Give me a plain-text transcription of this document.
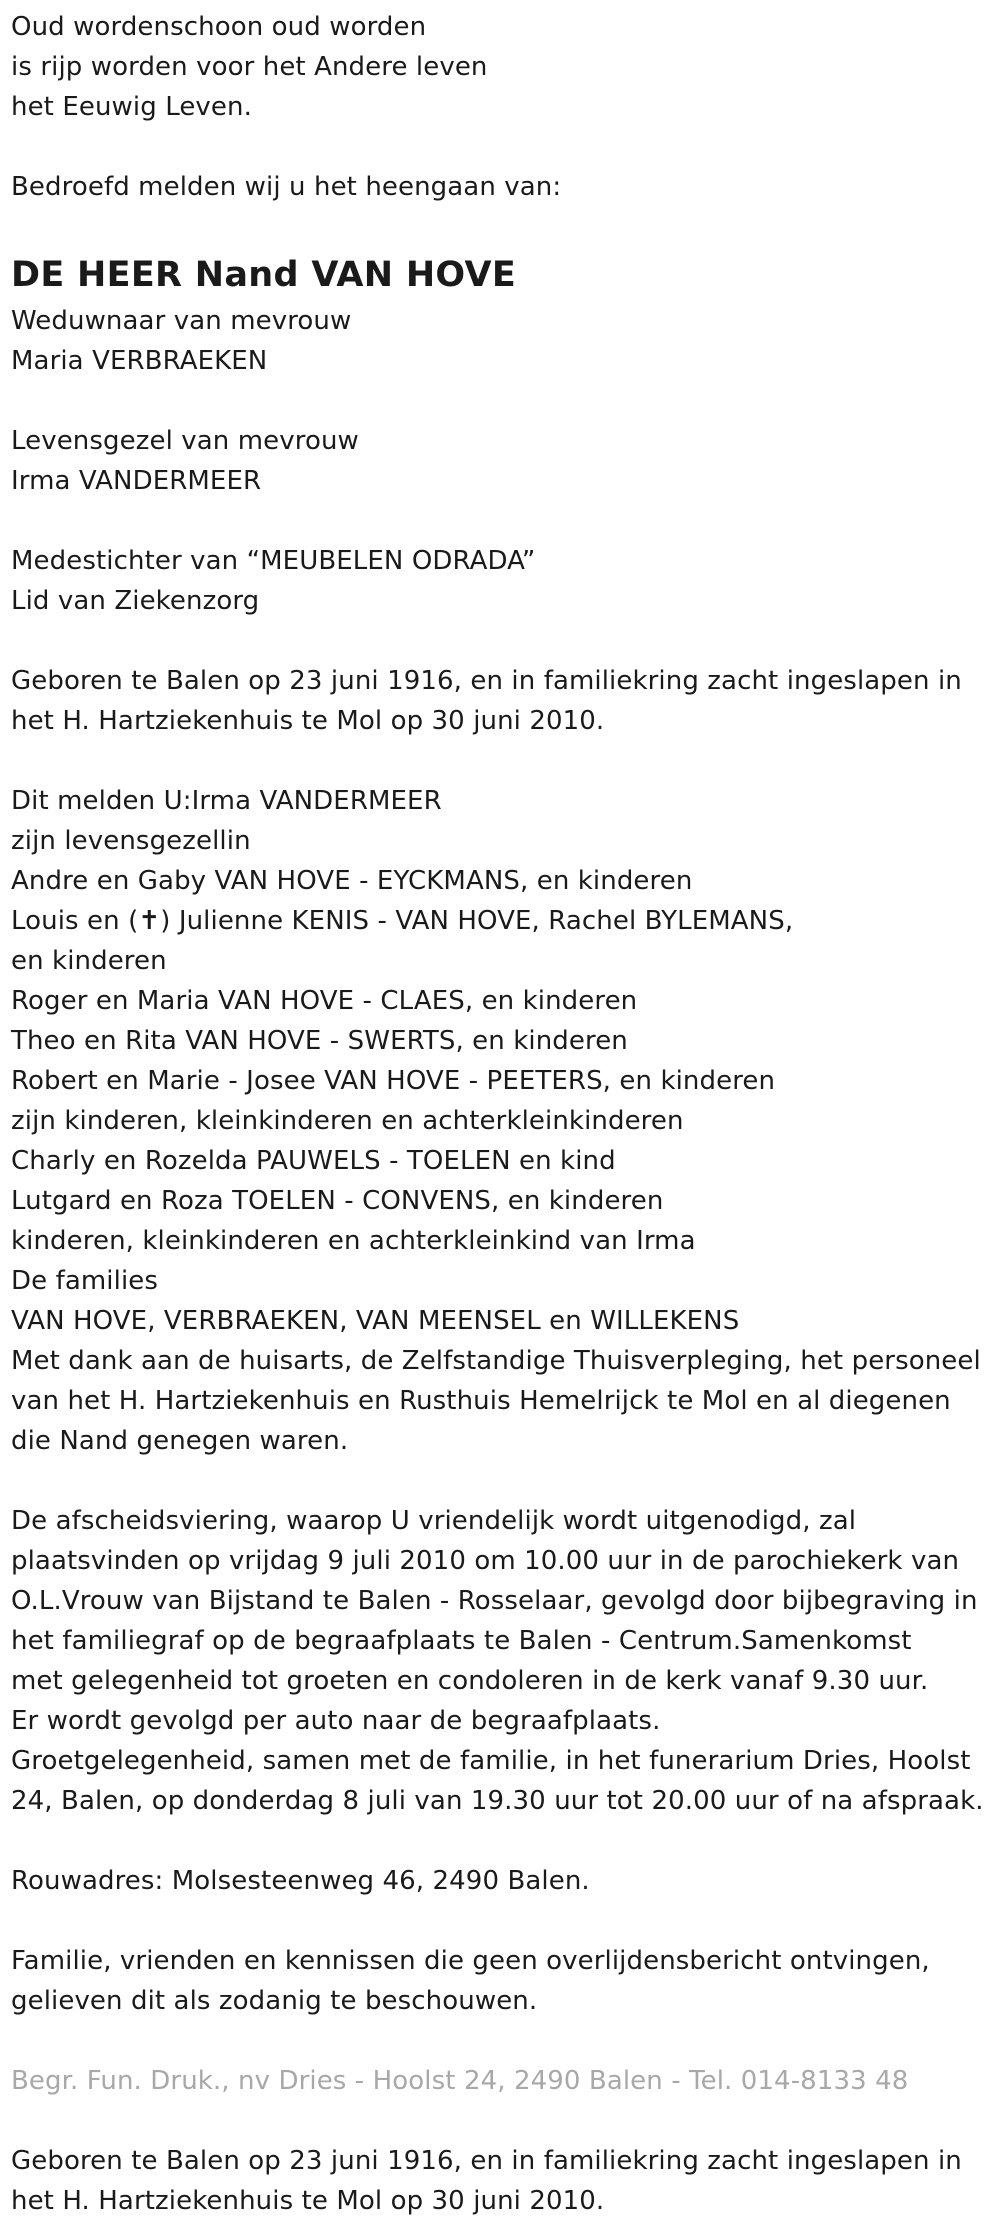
Oud wordenschoon oud worden
is rijp worden voor het Andere leven
het Eeuwig Leven.
Bedroefd melden wij u het heengaan van:
DE HEER Nand VAN HOVE
Weduwnaar van mevrouw
Maria VERBRAEKEN
Levensgezel van mevrouw
Irma VANDERMEER
Medestichter van “MEUBELEN ODRADA”
Lid van Ziekenzorg
Geboren te Balen op 23 juni 1916, en in familiekring zacht ingeslapen in
het H. Hartziekenhuis te Mol op 30 juni 2010.
Dit melden U:Irma VANDERMEER
zijn levensgezellin
Andre en Gaby VAN HOVE - EYCKMANS, en kinderen
Louis en (✝) Julienne KENIS - VAN HOVE, Rachel BYLEMANS,
en kinderen
Roger en Maria VAN HOVE - CLAES, en kinderen
Theo en Rita VAN HOVE - SWERTS, en kinderen
Robert en Marie - Josee VAN HOVE - PEETERS, en kinderen
zijn kinderen, kleinkinderen en achterkleinkinderen
Charly en Rozelda PAUWELS - TOELEN en kind
Lutgard en Roza TOELEN - CONVENS, en kinderen
kinderen, kleinkinderen en achterkleinkind van Irma
De families
VAN HOVE, VERBRAEKEN, VAN MEENSEL en WILLEKENS
Met dank aan de huisarts, de Zelfstandige Thuisverpleging, het personeel
van het H. Hartziekenhuis en Rusthuis Hemelrijck te Mol en al diegenen
die Nand genegen waren.
De afscheidsviering, waarop U vriendelijk wordt uitgenodigd, zal
plaatsvinden op vrijdag 9 juli 2010 om 10.00 uur in de parochiekerk van
O.L.Vrouw van Bijstand te Balen - Rosselaar, gevolgd door bijbegraving in
het familiegraf op de begraafplaats te Balen - Centrum.Samenkomst
met gelegenheid tot groeten en condoleren in de kerk vanaf 9.30 uur.
Er wordt gevolgd per auto naar de begraafplaats.
Groetgelegenheid, samen met de familie, in het funerarium Dries, Hoolst
24, Balen, op donderdag 8 juli van 19.30 uur tot 20.00 uur of na afspraak.
Rouwadres: Molsesteenweg 46, 2490 Balen.
Familie, vrienden en kennissen die geen overlijdensbericht ontvingen,
gelieven dit als zodanig te beschouwen.
Begr. Fun. Druk., nv Dries - Hoolst 24, 2490 Balen - Tel. 014-8133 48
Geboren te Balen op 23 juni 1916, en in familiekring zacht ingeslapen in
het H. Hartziekenhuis te Mol op 30 juni 2010.
